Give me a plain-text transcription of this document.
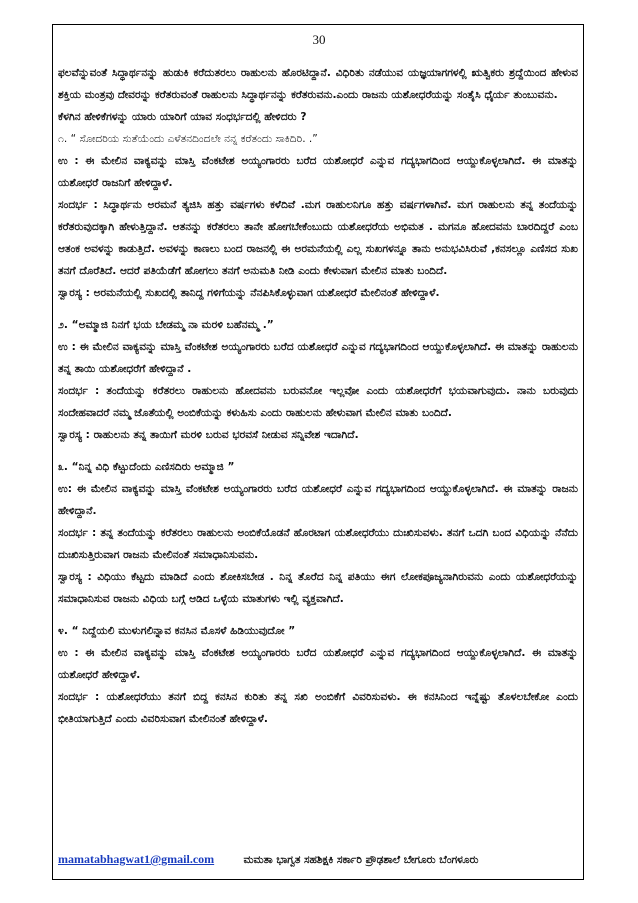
30

ಫಲವೆನ್ನುವಂತೆ ಸಿದ್ಧಾರ್ಥನನ್ನು ಹುಡುಕಿ ಕರೆದುತರಲು ರಾಹುಲನು ಹೊರಟಿದ್ದಾನೆ. ವಿಧಿರಿತು ನಡೆಯುವ ಯಜ್ಞಯಾಗಗಳಲ್ಲಿ ಋತ್ವಿಕರು ಶ್ರದ್ದೆಯಿಂದ ಹೇಳುವ ಶಕ್ತಿಯ ಮಂತ್ರವು ದೇವರನ್ನು ಕರೆತರುವಂತೆ ರಾಹುಲನು ಸಿದ್ಧಾರ್ಥನನ್ನು ಕರೆತರುವನು.ಎಂದು ರಾಜನು ಯಶೋಧರೆಯನ್ನು ಸಂತೈಸಿ ಧೈರ್ಯ ತುಂಬುವನು.

ಕೆಳಗಿನ ಹೇಳಿಕೆಗಳನ್ನು ಯಾರು ಯಾರಿಗೆ ಯಾವ ಸಂಧರ್ಭದಲ್ಲಿ ಹೇಳಿದರು ?

೧. “ ಸೋದರಿಯ ಸುತೆಯೆಂದು ಎಳೆತನದಿಂದಲೇ ನನ್ನ ಕರೆತಂದು ಸಾಕಿದಿರಿ. .”

ಉ : ಈ ಮೇಲಿನ ವಾಕ್ಯವನ್ನು ಮಾಸ್ತಿ ವೆಂಕಟೇಶ ಅಯ್ಯಂಗಾರರು ಬರೆದ ಯಶೋಧರೆ ಎನ್ನುವ ಗದ್ಯಭಾಗದಿಂದ ಆಯ್ದುಕೊಳ್ಳಲಾಗಿದೆ. ಈ ಮಾತನ್ನು ಯಶೋಧರೆ ರಾಜನಿಗೆ ಹೇಳಿದ್ದಾಳೆ.

ಸಂದರ್ಭ : ಸಿದ್ಧಾರ್ಥನು ಅರಮನೆ ತ್ಯಜಿಸಿ ಹತ್ತು ವರ್ಷಗಳು ಕಳೆದಿವೆ .ಮಗ ರಾಹುಲನಿಗೂ ಹತ್ತು ವರ್ಷಗಳಾಗಿವೆ. ಮಗ ರಾಹುಲನು ತನ್ನ ತಂದೆಯನ್ನು ಕರೆತರುವುದಕ್ಕಾಗಿ ಹೇಳುತ್ತಿದ್ದಾನೆ. ಆತನನ್ನು ಕರೆತರಲು ತಾನೇ ಹೋಗಬೇಕೆಂಬುದು ಯಶೋಧರೆಯ ಅಭಿಮತ . ಮಗನೂ ಹೋದವನು ಬಾರದಿದ್ದರೆ ಎಂಬ ಆತಂಕ ಅವಳನ್ನು ಕಾಡುತ್ತಿದೆ. ಅವಳನ್ನು ಕಾಣಲು ಬಂದ ರಾಜನಲ್ಲಿ ಈ ಅರಮನೆಯಲ್ಲಿ ಎಲ್ಲ ಸುಖಗಳನ್ನೂ ತಾನು ಅನುಭವಿಸಿರುವೆ ,ಕನಸಲ್ಲೂ ಎಣಿಸದ ಸುಖ ತನಗೆ ದೊರೆತಿದೆ. ಆದರೆ ಪತಿಯೆಡೆಗೆ ಹೋಗಲು ತನಗೆ ಅನುಮತಿ ನೀಡಿ ಎಂದು ಕೇಳುವಾಗ ಮೇಲಿನ ಮಾತು ಬಂದಿದೆ.

ಸ್ವಾರಸ್ಯ : ಅರಮನೆಯಲ್ಲಿ ಸುಖದಲ್ಲಿ ತಾನಿದ್ದ ಗಳಿಗೆಯನ್ನು ನೆನಪಿಸಿಕೊಳ್ಳುವಾಗ ಯಶೋಧರೆ ಮೇಲಿನಂತೆ ಹೇಳಿದ್ದಾಳೆ.

೨. “ಅಮ್ಮಾಜಿ ನಿನಗೆ ಭಯ ಬೇಡಮ್ಮ ನಾ ಮರಳಿ ಬಹೆನಮ್ಮ .”

ಉ : ಈ ಮೇಲಿನ ವಾಕ್ಯವನ್ನು ಮಾಸ್ತಿ ವೆಂಕಟೇಶ ಅಯ್ಯಂಗಾರರು ಬರೆದ ಯಶೋಧರೆ ಎನ್ನುವ ಗದ್ಯಭಾಗದಿಂದ ಆಯ್ದುಕೊಳ್ಳಲಾಗಿದೆ. ಈ ಮಾತನ್ನು ರಾಹುಲನು ತನ್ನ ತಾಯಿ ಯಶೋಧರೆಗೆ ಹೇಳಿದ್ದಾನೆ .

ಸಂದರ್ಭ : ತಂದೆಯನ್ನು ಕರೆತರಲು ರಾಹುಲನು ಹೋದವನು ಬರುವನೋ ಇಲ್ಲವೋ ಎಂದು ಯಶೋಧರೆಗೆ ಭಯವಾಗುವುದು. ನಾನು ಬರುವುದು ಸಂದೇಹವಾದರೆ ನಮ್ಮ ಜೊತೆಯಲ್ಲಿ ಅಂಬಿಕೆಯನ್ನು ಕಳುಹಿಸು ಎಂದು ರಾಹುಲನು ಹೇಳುವಾಗ ಮೇಲಿನ ಮಾತು ಬಂದಿದೆ.

ಸ್ವಾರಸ್ಯ : ರಾಹುಲನು ತನ್ನ ತಾಯಿಗೆ ಮರಳಿ ಬರುವ ಭರವಸೆ ನೀಡುವ ಸನ್ನಿವೇಶ ಇದಾಗಿದೆ.

೩. “ನಿನ್ನ ವಿಧಿ ಕೆಟ್ಟುದೆಂದು ಎಣಿಸದಿರು ಅಮ್ಮಾಜಿ ”

ಉ: ಈ ಮೇಲಿನ ವಾಕ್ಯವನ್ನು ಮಾಸ್ತಿ ವೆಂಕಟೇಶ ಅಯ್ಯಂಗಾರರು ಬರೆದ ಯಶೋಧರೆ ಎನ್ನುವ ಗದ್ಯಭಾಗದಿಂದ ಆಯ್ದುಕೊಳ್ಳಲಾಗಿದೆ. ಈ ಮಾತನ್ನು ರಾಜನು ಹೇಳಿದ್ದಾನೆ.

ಸಂದರ್ಭ : ತನ್ನ ತಂದೆಯನ್ನು ಕರೆತರಲು ರಾಹುಲನು ಅಂಬಿಕೆಯೊಡನೆ ಹೊರಟಾಗ ಯಶೋಧರೆಯು ದುಃಖಿಸುವಳು. ತನಗೆ ಒದಗಿ ಬಂದ ವಿಧಿಯನ್ನು ನೆನೆದು ದುಃಖಿಸುತ್ತಿರುವಾಗ ರಾಜನು ಮೇಲಿನಂತೆ ಸಮಾಧಾನಿಸುವನು.

ಸ್ವಾರಸ್ಯ : ವಿಧಿಯು ಕೆಟ್ಟದು ಮಾಡಿದೆ ಎಂದು ಶೋಕಿಸಬೇಡ . ನಿನ್ನ ತೊರೆದ ನಿನ್ನ ಪತಿಯು ಈಗ ಲೋಕಪೂಜ್ಯನಾಗಿರುವನು ಎಂದು ಯಶೋಧರೆಯನ್ನು ಸಮಾಧಾನಿಸುವ ರಾಜನು ವಿಧಿಯ ಬಗ್ಗೆ ಆಡಿದ ಒಳ್ಳೆಯ ಮಾತುಗಳು ಇಲ್ಲಿ ವ್ಯಕ್ತವಾಗಿದೆ.

೪. “ ನಿದ್ದೆಯಲಿ ಮುಳುಗಲಿನ್ನಾವ ಕನಸಿನ ಮೊಸಳೆ ಹಿಡಿಯುವುದೋ ”

ಉ : ಈ ಮೇಲಿನ ವಾಕ್ಯವನ್ನು ಮಾಸ್ತಿ ವೆಂಕಟೇಶ ಅಯ್ಯಂಗಾರರು ಬರೆದ ಯಶೋಧರೆ ಎನ್ನುವ ಗದ್ಯಭಾಗದಿಂದ ಆಯ್ದುಕೊಳ್ಳಲಾಗಿದೆ. ಈ ಮಾತನ್ನು ಯಶೋಧರೆ ಹೇಳಿದ್ದಾಳೆ.

ಸಂದರ್ಭ : ಯಶೋಧರೆಯು ತನಗೆ ಬಿದ್ದ ಕನಸಿನ ಕುರಿತು ತನ್ನ ಸಖಿ ಅಂಬಿಕೆಗೆ ವಿವರಿಸುವಳು. ಈ ಕನಸಿನಿಂದ ಇನ್ನೆಷ್ಟು ತೊಳಲಬೇಕೋ ಎಂದು ಭೀತಿಯಾಗುತ್ತಿದೆ ಎಂದು ವಿವರಿಸುವಾಗ ಮೇಲಿನಂತೆ ಹೇಳಿದ್ದಾಳೆ.

mamatabhagwat1@gmail.com	ಮಮತಾ ಭಾಗ್ವತ ಸಹಶಿಕ್ಷಕಿ ಸರ್ಕಾರಿ ಪ್ರೌಢಶಾಲೆ ಬೇಗೂರು ಬೆಂಗಳೂರು
